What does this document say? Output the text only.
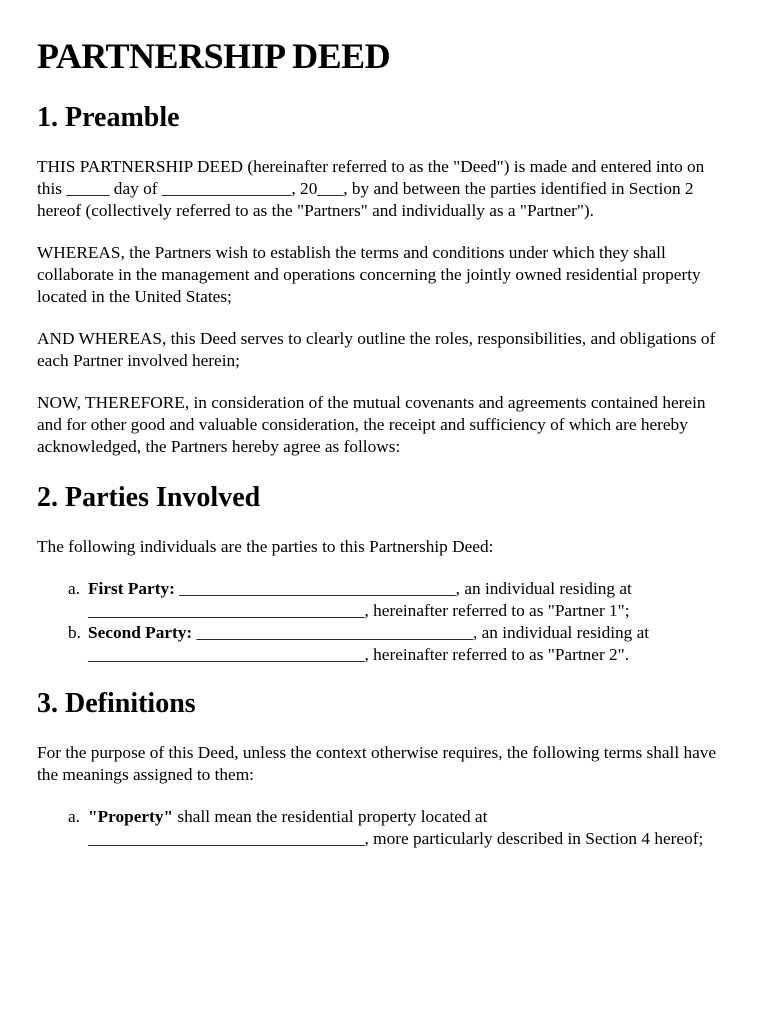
PARTNERSHIP DEED
1. Preamble

THIS PARTNERSHIP DEED (hereinafter referred to as the "Deed") is made and entered into on this _____ day of _______________, 20___, by and between the parties identified in Section 2 hereof (collectively referred to as the "Partners" and individually as a "Partner").

WHEREAS, the Partners wish to establish the terms and conditions under which they shall collaborate in the management and operations concerning the jointly owned residential property located in the United States;

AND WHEREAS, this Deed serves to clearly outline the roles, responsibilities, and obligations of each Partner involved herein;

NOW, THEREFORE, in consideration of the mutual covenants and agreements contained herein and for other good and valuable consideration, the receipt and sufficiency of which are hereby acknowledged, the Partners hereby agree as follows:

2. Parties Involved

The following individuals are the parties to this Partnership Deed:

a. First Party: ________________________________, an individual residing at ________________________________, hereinafter referred to as "Partner 1";
b. Second Party: ________________________________, an individual residing at ________________________________, hereinafter referred to as "Partner 2".
3. Definitions

For the purpose of this Deed, unless the context otherwise requires, the following terms shall have the meanings assigned to them:

a. "Property" shall mean the residential property located at ________________________________, more particularly described in Section 4 hereof;
